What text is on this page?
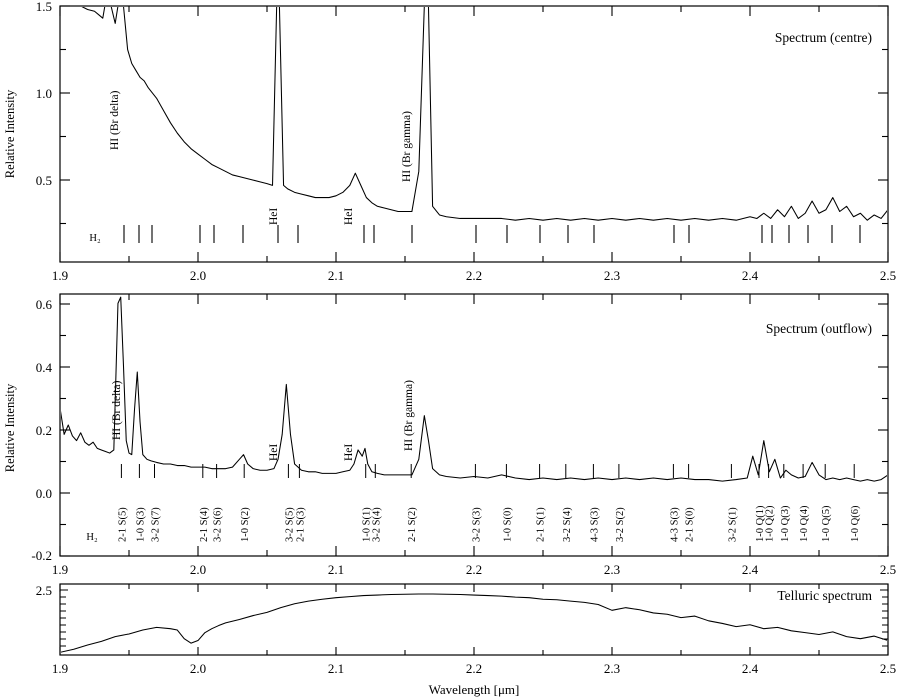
1.5
1.0
0.5
1.9	2.0	2.1	2.2	2.3	2.4	2.5
Relative Intensity
Spectrum (centre)
HI (Br delta)
HeI	HeI
HI (Br gamma)
H₂
0.6
0.4
0.2
0.0
-0.2
1.9	2.0	2.1	2.2	2.3	2.4	2.5
Relative Intensity
Spectrum (outflow)
HI (Br delta)
HeI	HeI
HI (Br gamma)
H₂ 2-1 S(5) 1-0 S(3) 3-2 S(7)	2-1 S(4) 3-2 S(6) 1-0 S(2)	3-2 S(5) 2-1 S(3)	1-0 S(1)
3-2 S(4) 2-1 S(2)	3-2 S(3) 1-0 S(0) 2-1 S(1) 3-2 S(4) 4-3 S(3) 3-2 S(2)	4-3 S(3) 2-1 S(0)	3-2 S(1) 1-0 Q(1)
1-0 Q(2) 1-0 Q(3) 1-0 Q(4) 1-0 Q(5) 1-0 Q(6)
2.5
1.9	2.0	2.1	2.2	2.3	2.4	2.5
Telluric spectrum
Wavelength [μm]
